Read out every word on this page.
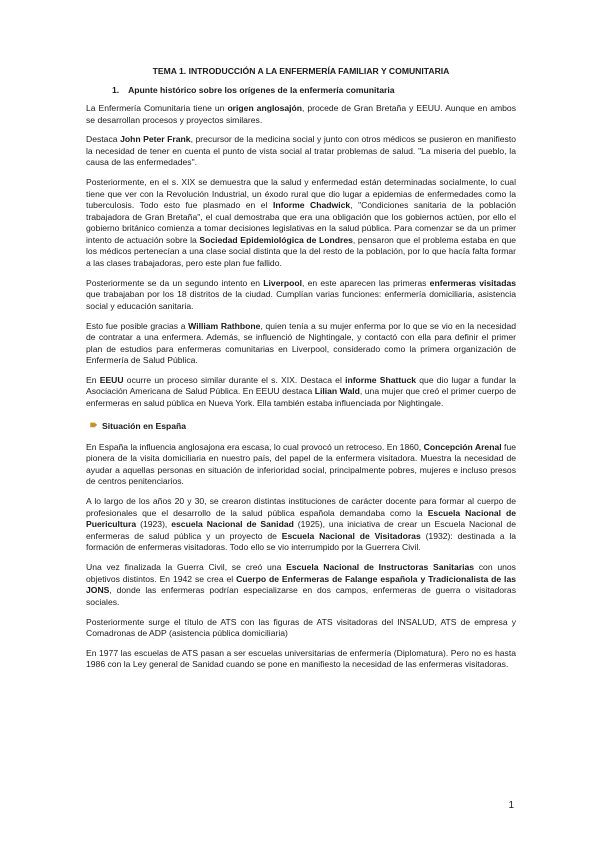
TEMA 1. INTRODUCCIÓN A LA ENFERMERÍA FAMILIAR Y COMUNITARIA
1. Apunte histórico sobre los orígenes de la enfermería comunitaria

La Enfermería Comunitaria tiene un origen anglosajón, procede de Gran Bretaña y EEUU. Aunque en ambos se desarrollan procesos y proyectos similares.

Destaca John Peter Frank, precursor de la medicina social y junto con otros médicos se pusieron en manifiesto la necesidad de tener en cuenta el punto de vista social al tratar problemas de salud. "La miseria del pueblo, la causa de las enfermedades".

Posteriormente, en el s. XIX se demuestra que la salud y enfermedad están determinadas socialmente, lo cual tiene que ver con la Revolución Industrial, un éxodo rural que dio lugar a epidemias de enfermedades como la tuberculosis. Todo esto fue plasmado en el Informe Chadwick, "Condiciones sanitaria de la población trabajadora de Gran Bretaña", el cual demostraba que era una obligación que los gobiernos actúen, por ello el gobierno británico comienza a tomar decisiones legislativas en la salud pública. Para comenzar se da un primer intento de actuación sobre la Sociedad Epidemiológica de Londres, pensaron que el problema estaba en que los médicos pertenecían a una clase social distinta que la del resto de la población, por lo que hacía falta formar a las clases trabajadoras, pero este plan fue fallido.

Posteriormente se da un segundo intento en Liverpool, en este aparecen las primeras enfermeras visitadas que trabajaban por los 18 distritos de la ciudad. Cumplían varias funciones: enfermería domiciliaria, asistencia social y educación sanitaria.

Esto fue posible gracias a William Rathbone, quien tenía a su mujer enferma por lo que se vio en la necesidad de contratar a una enfermera. Además, se influenció de Nightingale, y contactó con ella para definir el primer plan de estudios para enfermeras comunitarias en Liverpool, considerado como la primera organización de Enfermería de Salud Pública.

En EEUU ocurre un proceso similar durante el s. XIX. Destaca el informe Shattuck que dio lugar a fundar la Asociación Americana de Salud Pública. En EEUU destaca Lilian Wald, una mujer que creó el primer cuerpo de enfermeras en salud pública en Nueva York. Ella también estaba influenciada por Nightingale.

🠶 Situación en España

En España la influencia anglosajona era escasa, lo cual provocó un retroceso. En 1860, Concepción Arenal fue pionera de la visita domiciliaria en nuestro país, del papel de la enfermera visitadora. Muestra la necesidad de ayudar a aquellas personas en situación de inferioridad social, principalmente pobres, mujeres e incluso presos de centros penitenciarios.

A lo largo de los años 20 y 30, se crearon distintas instituciones de carácter docente para formar al cuerpo de profesionales que el desarrollo de la salud pública española demandaba como la Escuela Nacional de Puericultura (1923), escuela Nacional de Sanidad (1925), una iniciativa de crear un Escuela Nacional de enfermeras de salud pública y un proyecto de Escuela Nacional de Visitadoras (1932): destinada a la formación de enfermeras visitadoras. Todo ello se vio interrumpido por la Guerrera Civil.

Una vez finalizada la Guerra Civil, se creó una Escuela Nacional de Instructoras Sanitarias con unos objetivos distintos. En 1942 se crea el Cuerpo de Enfermeras de Falange española y Tradicionalista de las JONS, donde las enfermeras podrían especializarse en dos campos, enfermeras de guerra o visitadoras sociales.

Posteriormente surge el título de ATS con las figuras de ATS visitadoras del INSALUD, ATS de empresa y Comadronas de ADP (asistencia pública domiciliaria)

En 1977 las escuelas de ATS pasan a ser escuelas universitarias de enfermería (Diplomatura). Pero no es hasta 1986 con la Ley general de Sanidad cuando se pone en manifiesto la necesidad de las enfermeras visitadoras.

1
